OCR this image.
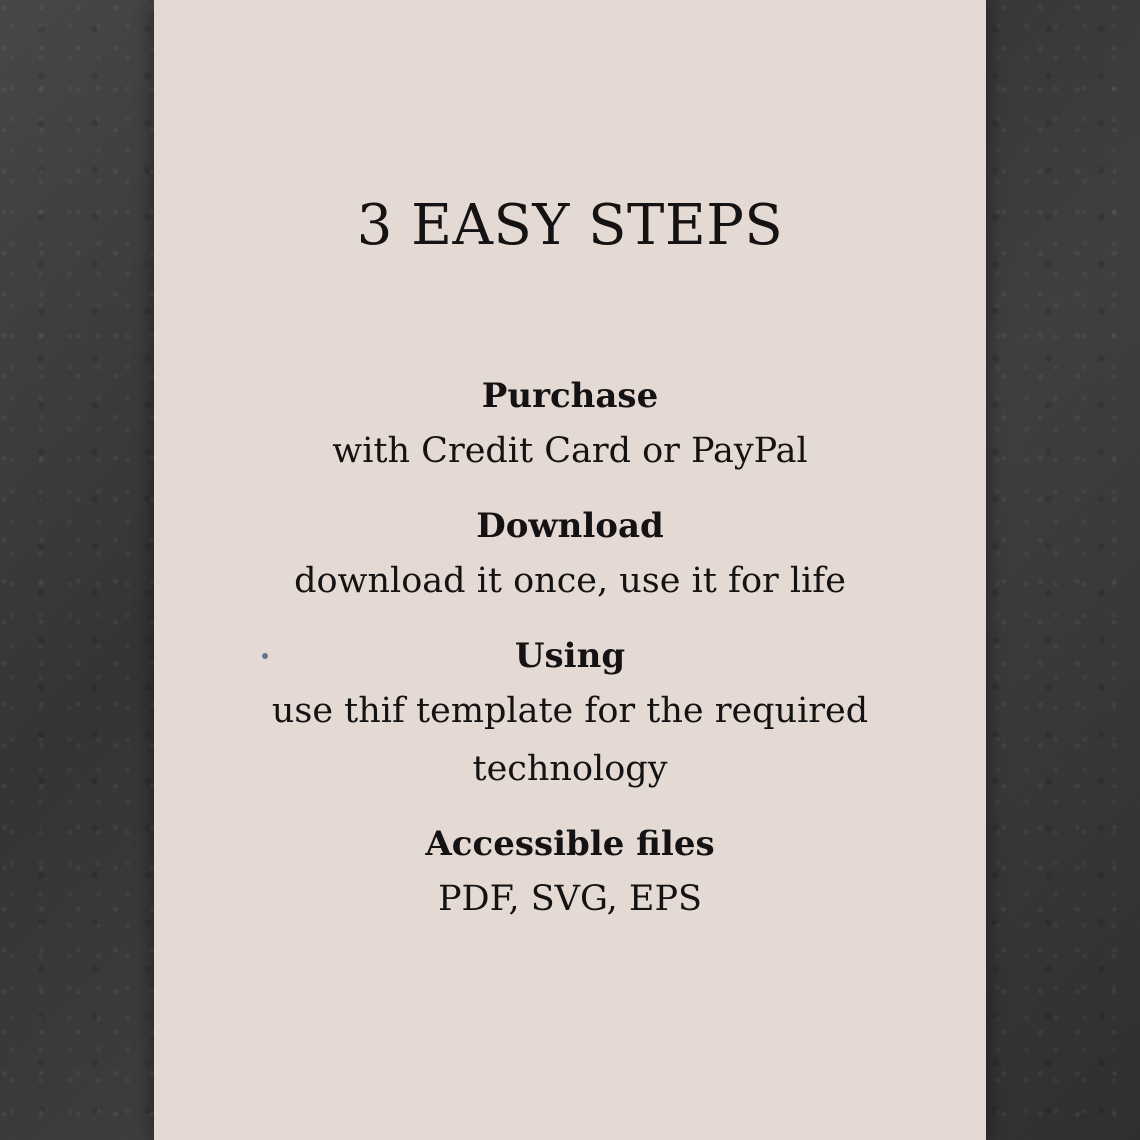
3 EASY STEPS
Purchase
with Credit Card or PayPal
Download
download it once, use it for life
Using
use thif template for the required technology
Accessible files
PDF, SVG, EPS
